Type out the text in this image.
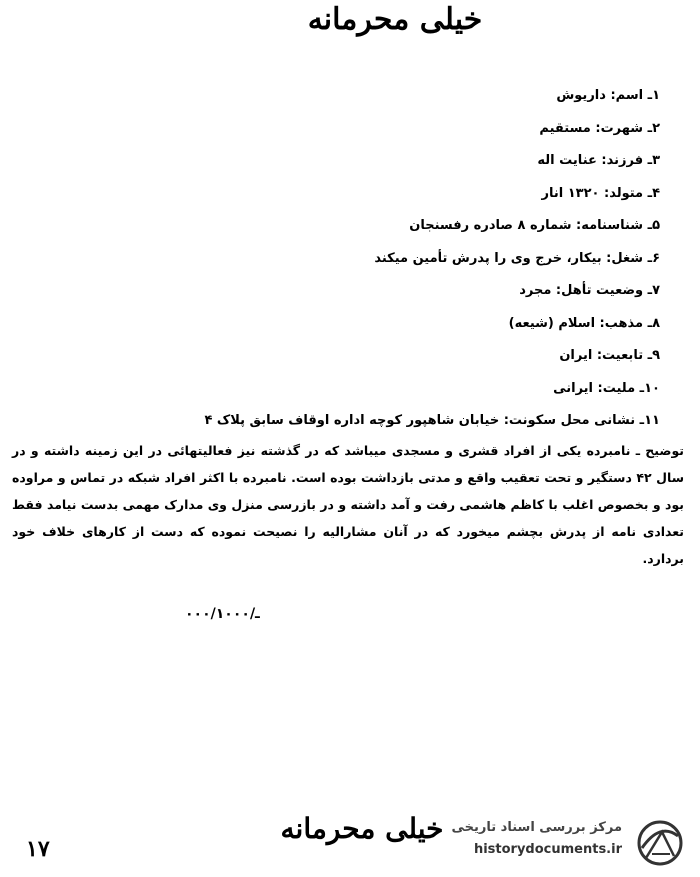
خیلی محرمانه
۱ـ اسم: داریوش
۲ـ شهرت: مستقیم
۳ـ فرزند: عنایت اله
۴ـ متولد: ۱۳۲۰ انار
۵ـ شناسنامه: شماره ۸ صادره رفسنجان
۶ـ شغل: بیکار، خرج وی را پدرش تأمین میکند
۷ـ وضعیت تأهل: مجرد
۸ـ مذهب: اسلام (شیعه)
۹ـ تابعیت: ایران
۱۰ـ ملیت: ایرانی
۱۱ـ نشانی محل سکونت: خیابان شاهپور کوچه اداره اوقاف سابق پلاک ۴
توضیح ـ نامبرده یکی از افراد قشری و مسجدی میباشد که در گذشته نیز فعالیتهائی در این زمینه داشته و در سال ۴۲ دستگیر و تحت تعقیب واقع و مدتی بازداشت بوده است. نامبرده با اکثر افراد شبکه در تماس و مراوده بود و بخصوص اغلب با کاظم هاشمی رفت و آمد داشته و در بازرسی منزل وی مدارک مهمی بدست نیامد فقط تعدادی نامه از پدرش بچشم میخورد که در آنان مشارالیه را نصیحت نموده که دست از کارهای خلاف خود بردارد.
۰۰۰/۱ـ/۰۰۰
خیلی محرمانه
۱۷
مرکز بررسی اسناد تاریخی
historydocuments.ir
